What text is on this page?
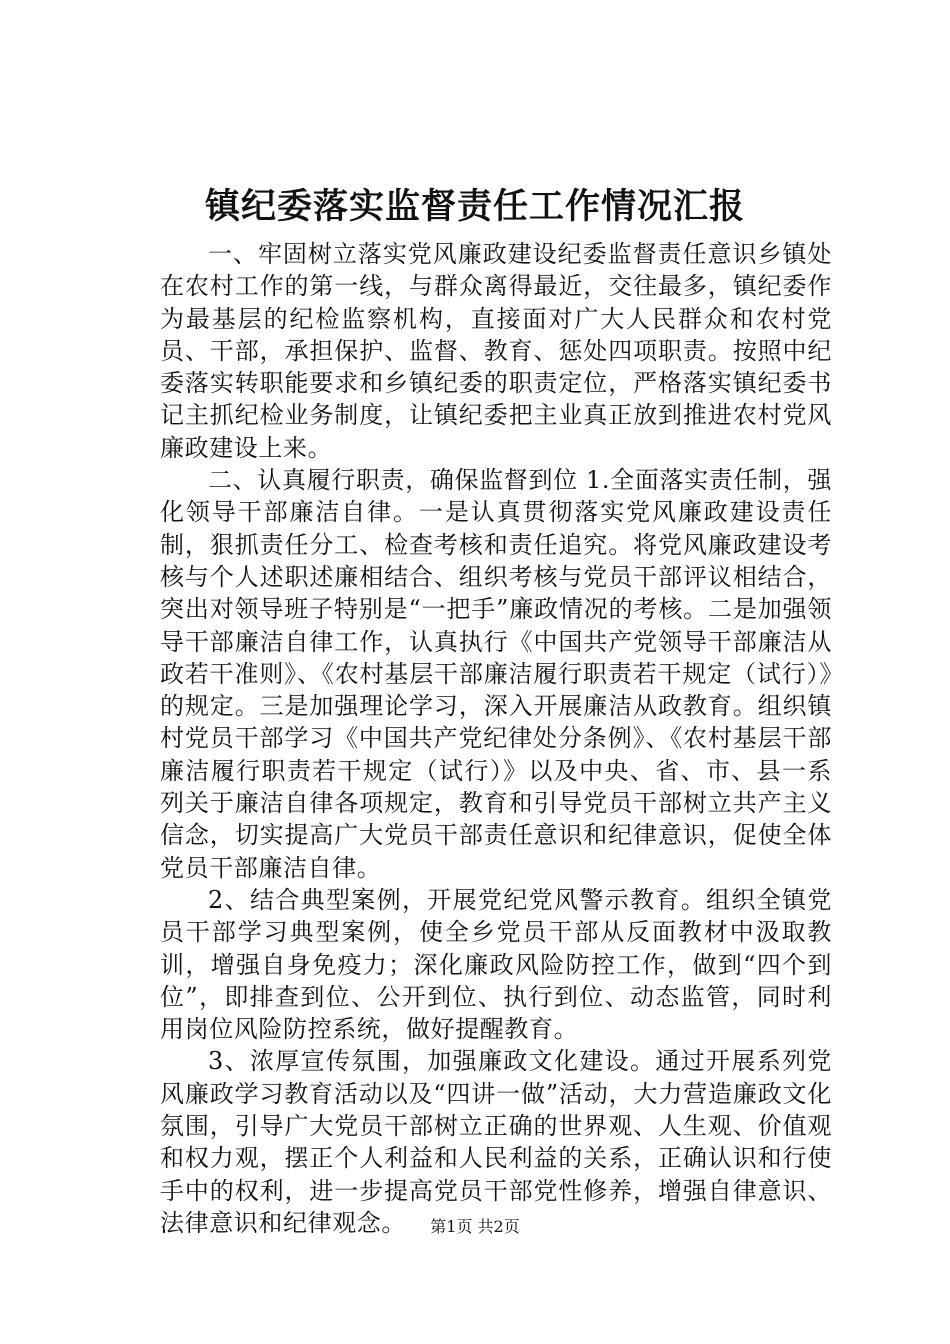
镇纪委落实监督责任工作情况汇报

一、牢固树立落实党风廉政建设纪委监督责任意识乡镇处在农村工作的第一线，与群众离得最近，交往最多，镇纪委作为最基层的纪检监察机构，直接面对广大人民群众和农村党员、干部，承担保护、监督、教育、惩处四项职责。按照中纪委落实转职能要求和乡镇纪委的职责定位，严格落实镇纪委书记主抓纪检业务制度，让镇纪委把主业真正放到推进农村党风廉政建设上来。

二、认真履行职责，确保监督到位 1.全面落实责任制，强化领导干部廉洁自律。一是认真贯彻落实党风廉政建设责任制，狠抓责任分工、检查考核和责任追究。将党风廉政建设考核与个人述职述廉相结合、组织考核与党员干部评议相结合，突出对领导班子特别是“一把手”廉政情况的考核。二是加强领导干部廉洁自律工作，认真执行《中国共产党领导干部廉洁从政若干准则》、《农村基层干部廉洁履行职责若干规定（试行）》的规定。三是加强理论学习，深入开展廉洁从政教育。组织镇村党员干部学习《中国共产党纪律处分条例》、《农村基层干部廉洁履行职责若干规定（试行）》以及中央、省、市、县一系列关于廉洁自律各项规定，教育和引导党员干部树立共产主义信念，切实提高广大党员干部责任意识和纪律意识，促使全体党员干部廉洁自律。

2、结合典型案例，开展党纪党风警示教育。组织全镇党员干部学习典型案例，使全乡党员干部从反面教材中汲取教训，增强自身免疫力；深化廉政风险防控工作，做到“四个到位”，即排查到位、公开到位、执行到位、动态监管，同时利用岗位风险防控系统，做好提醒教育。

3、浓厚宣传氛围，加强廉政文化建设。通过开展系列党风廉政学习教育活动以及“四讲一做”活动，大力营造廉政文化氛围，引导广大党员干部树立正确的世界观、人生观、价值观和权力观，摆正个人利益和人民利益的关系，正确认识和行使手中的权利，进一步提高党员干部党性修养，增强自律意识、法律意识和纪律观念。	第1页 共2页
